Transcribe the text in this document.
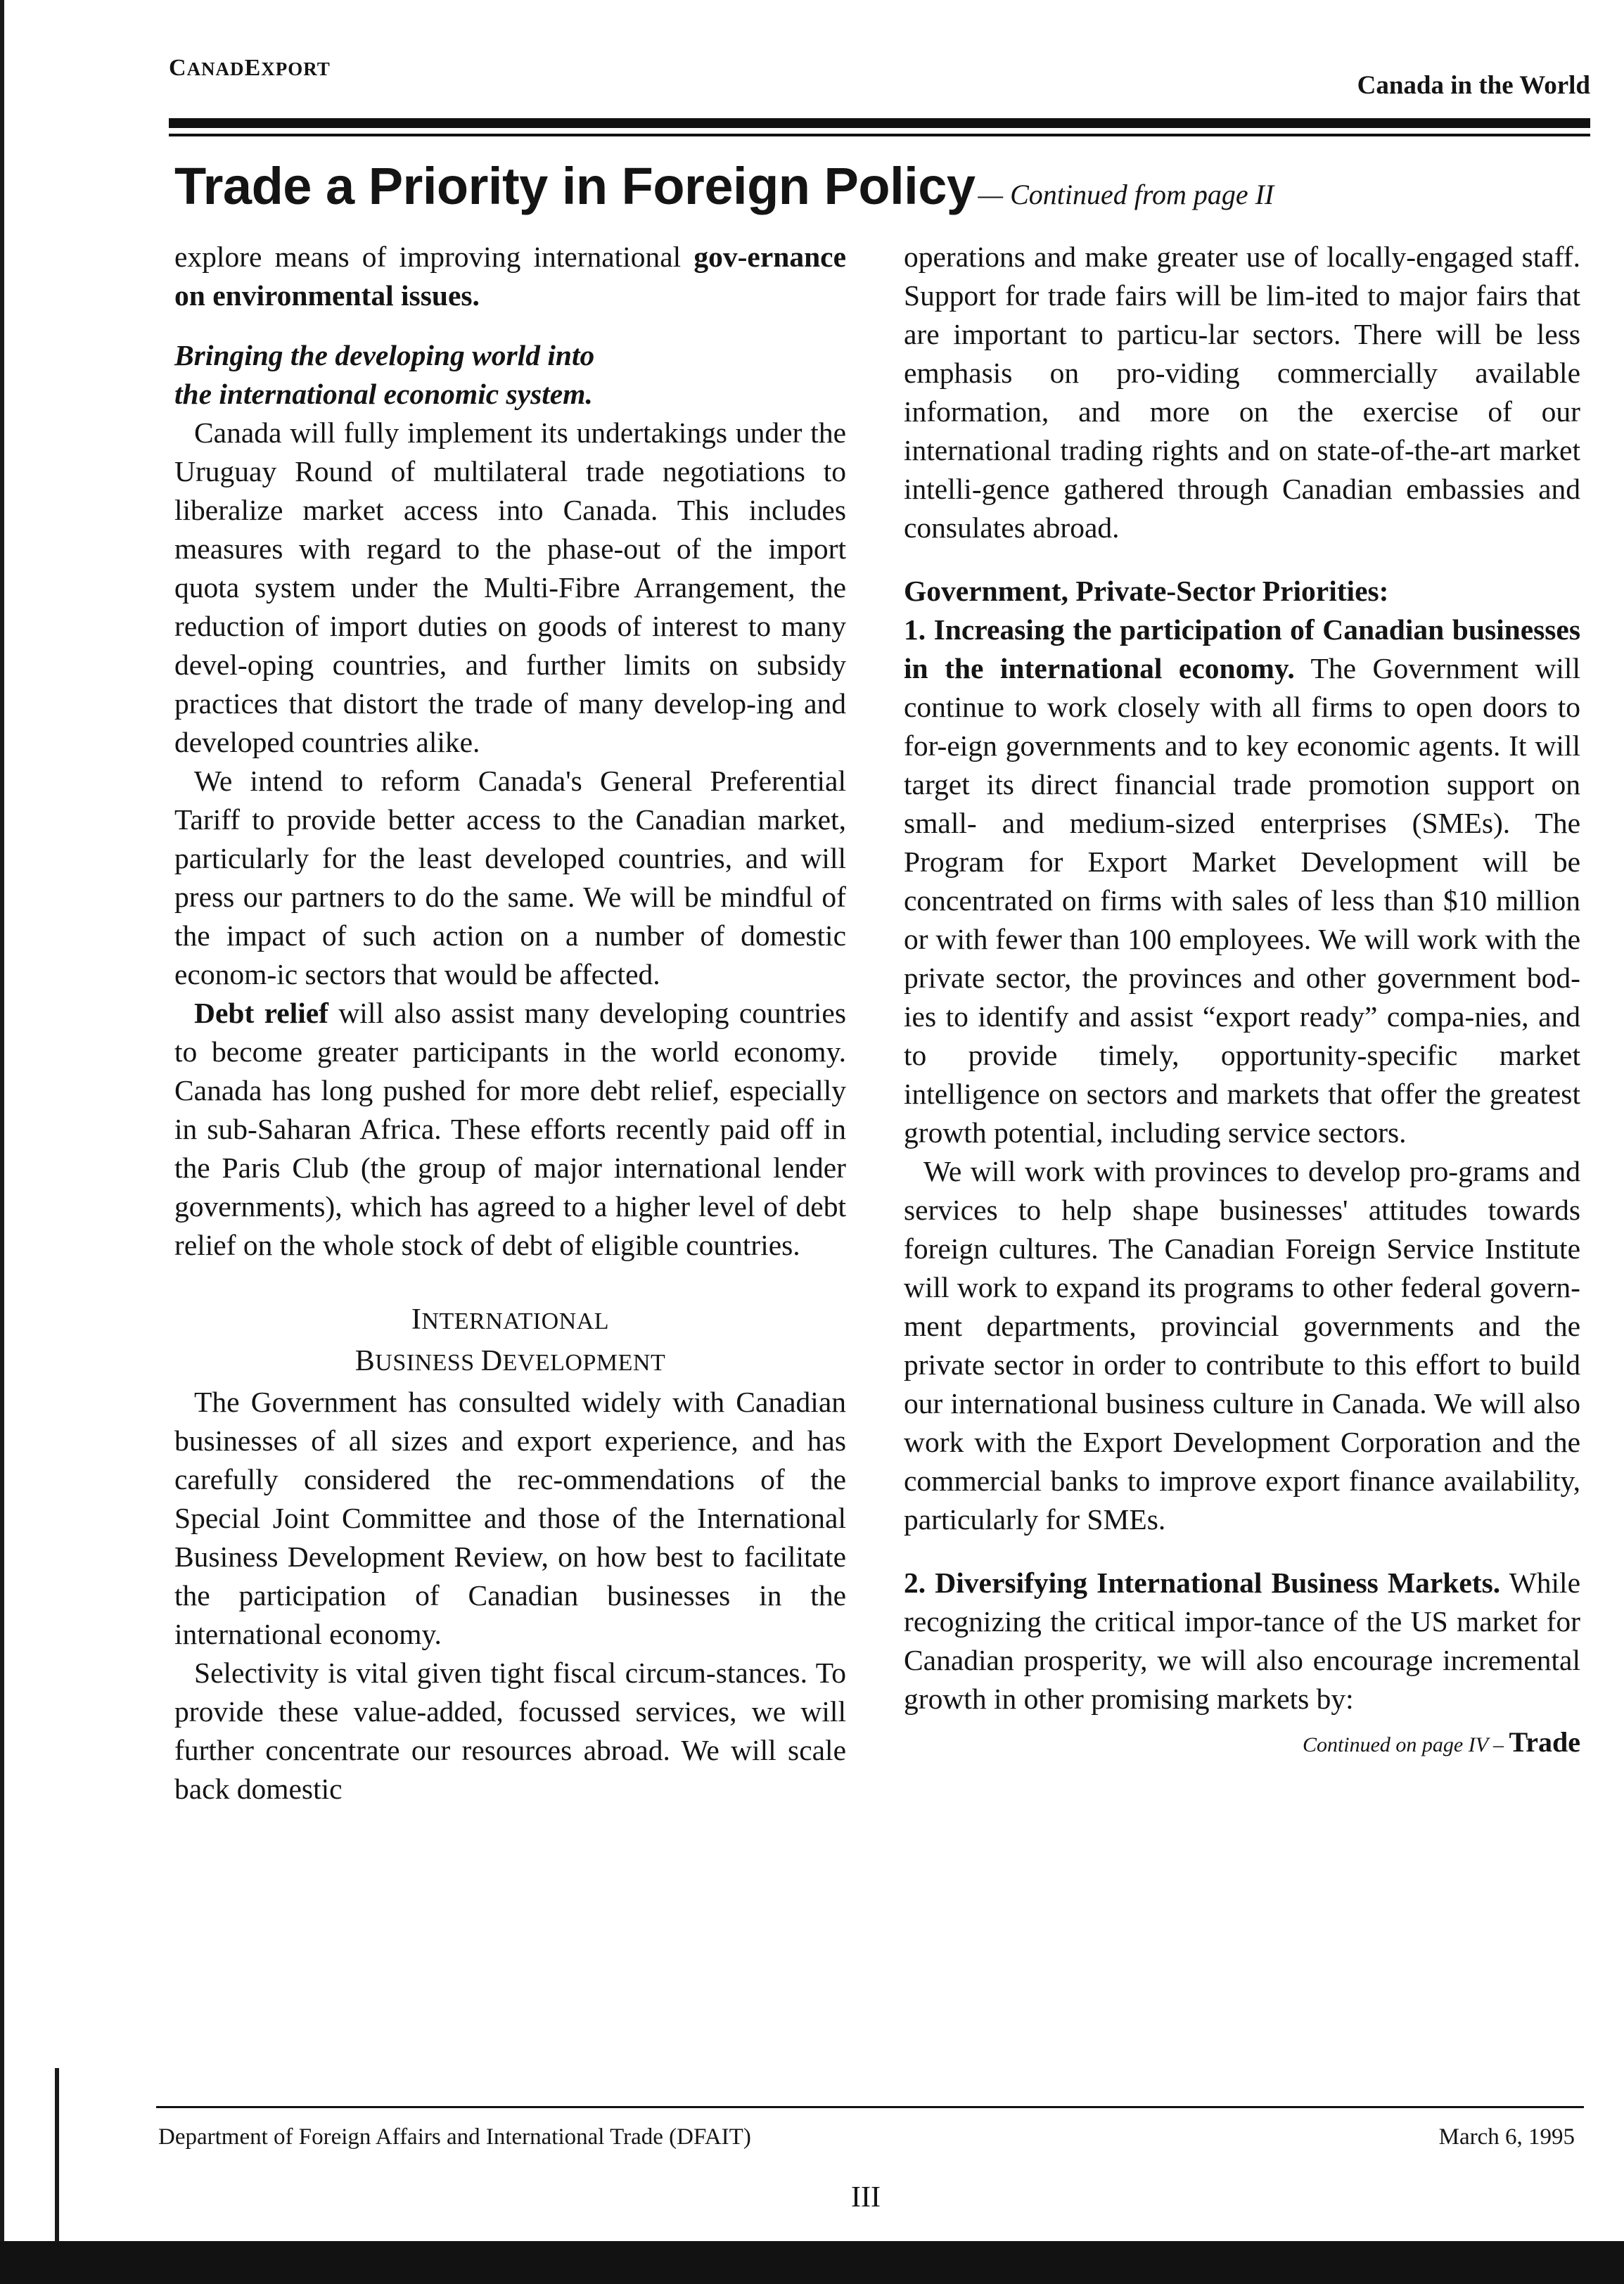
CANADEXPORT
Canada in the World
Trade a Priority in Foreign Policy — Continued from page II

explore means of improving international gov-ernance on environmental issues.

Bringing the developing world into
the international economic system.

Canada will fully implement its undertakings under the Uruguay Round of multilateral trade negotiations to liberalize market access into Canada. This includes measures with regard to the phase-out of the import quota system under the Multi-Fibre Arrangement, the reduction of import duties on goods of interest to many devel-oping countries, and further limits on subsidy practices that distort the trade of many develop-ing and developed countries alike.

We intend to reform Canada's General Preferential Tariff to provide better access to the Canadian market, particularly for the least developed countries, and will press our partners to do the same. We will be mindful of the impact of such action on a number of domestic econom-ic sectors that would be affected.

Debt relief will also assist many developing countries to become greater participants in the world economy. Canada has long pushed for more debt relief, especially in sub-Saharan Africa. These efforts recently paid off in the Paris Club (the group of major international lender governments), which has agreed to a higher level of debt relief on the whole stock of debt of eligible countries.

INTERNATIONAL
BUSINESS DEVELOPMENT

The Government has consulted widely with Canadian businesses of all sizes and export experience, and has carefully considered the rec-ommendations of the Special Joint Committee and those of the International Business Development Review, on how best to facilitate the participation of Canadian businesses in the international economy.

Selectivity is vital given tight fiscal circum-stances. To provide these value-added, focussed services, we will further concentrate our resources abroad. We will scale back domestic

operations and make greater use of locally-engaged staff. Support for trade fairs will be lim-ited to major fairs that are important to particu-lar sectors. There will be less emphasis on pro-viding commercially available information, and more on the exercise of our international trading rights and on state-of-the-art market intelli-gence gathered through Canadian embassies and consulates abroad.

Government, Private-Sector Priorities:

1. Increasing the participation of Canadian businesses in the international economy. The Government will continue to work closely with all firms to open doors to for-eign governments and to key economic agents. It will target its direct financial trade promotion support on small- and medium-sized enterprises (SMEs). The Program for Export Market Development will be concentrated on firms with sales of less than $10 million or with fewer than 100 employees. We will work with the private sector, the provinces and other government bod-ies to identify and assist “export ready” compa-nies, and to provide timely, opportunity-specific market intelligence on sectors and markets that offer the greatest growth potential, including service sectors.

We will work with provinces to develop pro-grams and services to help shape businesses' attitudes towards foreign cultures. The Canadian Foreign Service Institute will work to expand its programs to other federal govern-ment departments, provincial governments and the private sector in order to contribute to this effort to build our international business culture in Canada. We will also work with the Export Development Corporation and the commercial banks to improve export finance availability, particularly for SMEs.

2. Diversifying International Business Markets. While recognizing the critical impor-tance of the US market for Canadian prosperity, we will also encourage incremental growth in other promising markets by:

Continued on page IV – Trade

Department of Foreign Affairs and International Trade (DFAIT)	March 6, 1995
III
